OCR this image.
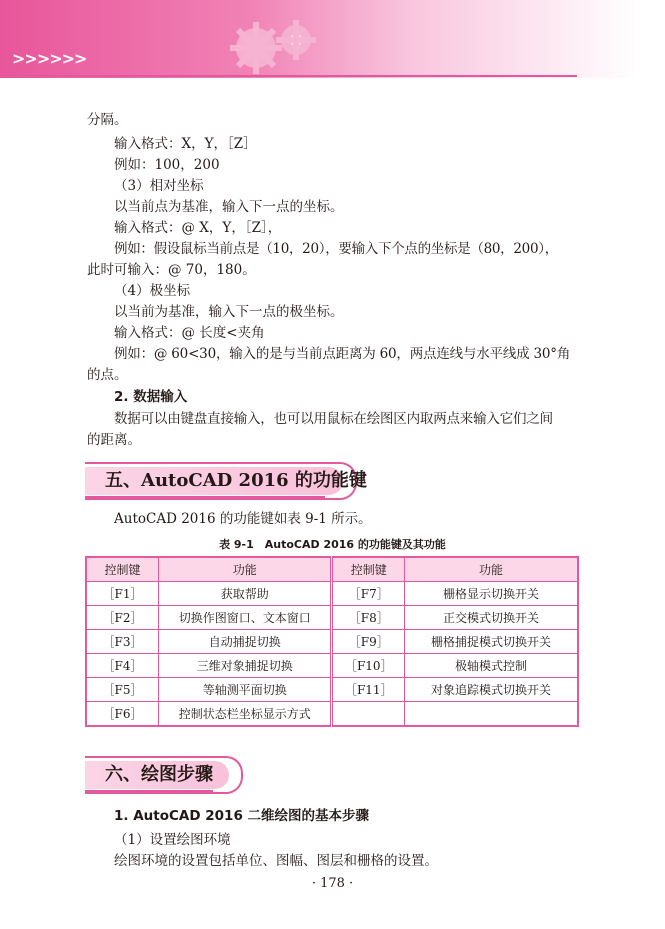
>>>>>>
分隔。
输入格式：X，Y，［Z］
例如：100，200
（3）相对坐标
以当前点为基准，输入下一点的坐标。
输入格式：@ X，Y，［Z］，
例如：假设鼠标当前点是（10，20），要输入下个点的坐标是（80，200），
此时可输入：@ 70，180。
（4）极坐标
以当前为基准，输入下一点的极坐标。
输入格式：@ 长度<夹角
例如：@ 60<30，输入的是与当前点距离为 60，两点连线与水平线成 30°角
的点。
2. 数据输入
数据可以由键盘直接输入，也可以用鼠标在绘图区内取两点来输入它们之间
的距离。
五、AutoCAD 2016 的功能键
AutoCAD 2016 的功能键如表 9-1 所示。
表 9-1　AutoCAD 2016 的功能键及其功能
控制键	功能	控制键	功能
［F1］	获取帮助	［F7］	栅格显示切换开关
［F2］	切换作图窗口、文本窗口	［F8］	正交模式切换开关
［F3］	自动捕捉切换	［F9］	栅格捕捉模式切换开关
［F4］	三维对象捕捉切换	［F10］	极轴模式控制
［F5］	等轴测平面切换	［F11］	对象追踪模式切换开关
［F6］	控制状态栏坐标显示方式		
六、绘图步骤
1. AutoCAD 2016 二维绘图的基本步骤
（1）设置绘图环境
绘图环境的设置包括单位、图幅、图层和栅格的设置。
· 178 ·
